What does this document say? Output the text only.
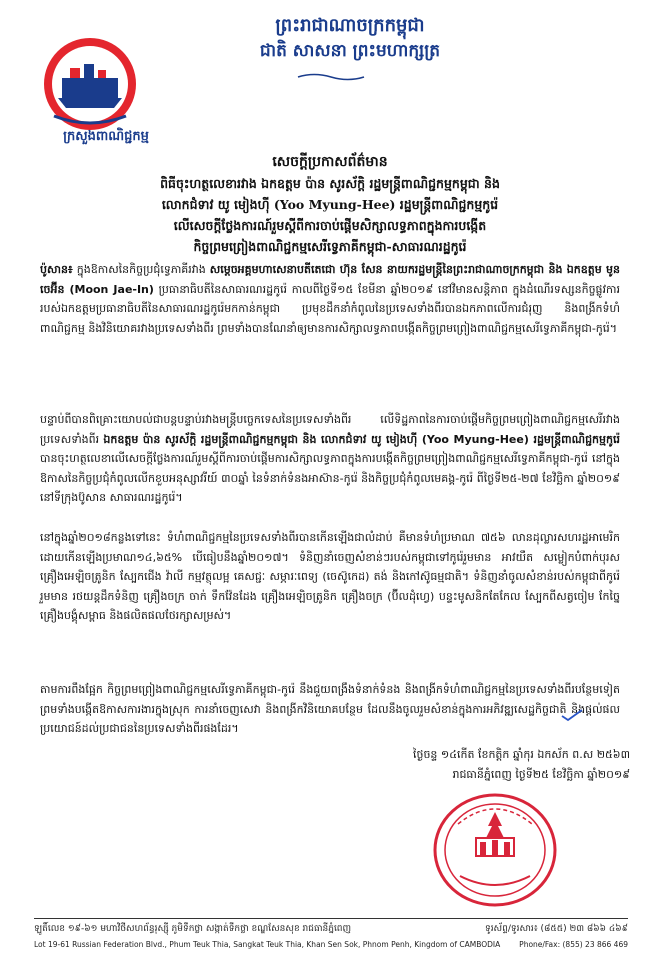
ក្រសួងពាណិជ្ជកម្ម
ព្រះរាជាណាចក្រកម្ពុជា
ជាតិ សាសនា ព្រះមហាក្សត្រ
សេចក្តីប្រកាសព័ត៌មាន
ពិធីចុះហត្ថលេខារវាង ឯកឧត្តម ប៉ាន សូរស័ក្តិ រដ្ឋមន្ត្រីពាណិជ្ជកម្មកម្ពុជា និង
លោកជំទាវ យូ មៀងហ៊ី (Yoo Myung-Hee) រដ្ឋមន្ត្រីពាណិជ្ជកម្មកូរ៉េ
លើសេចក្តីថ្លែងការណ៍រួមស្តីពីការចាប់ផ្តើមសិក្សាលទ្ធភាពក្នុងការបង្កើត
កិច្ចព្រមព្រៀងពាណិជ្ជកម្មសេរីទ្វេភាគីកម្ពុជា-សាធារណរដ្ឋកូរ៉េ
ប៉ូសាន៖ ក្នុងឱកាសនៃកិច្ចប្រជុំទ្វេភាគីរវាង សម្តេចអគ្គមហាសេនាបតីតេជោ ហ៊ុន សែន នាយករដ្ឋមន្ត្រីនៃព្រះរាជាណាចក្រកម្ពុជា និង ឯកឧត្តម មូន ចេអ៊ីន (Moon Jae-In) ប្រធានាធិបតីនៃសាធារណរដ្ឋកូរ៉េ កាលពីថ្ងៃទី១៥ ខែមីនា ឆ្នាំ២០១៩ នៅវិមានសន្តិភាព ក្នុងដំណើរទស្សនកិច្ចផ្លូវការរបស់ឯកឧត្តមប្រធានាធិបតីនៃសាធារណរដ្ឋកូរ៉េមកកាន់កម្ពុជា ប្រមុខដឹកនាំកំពូលនៃប្រទេសទាំងពីរបានឯកភាពលើការជំរុញ និងពង្រីកទំហំពាណិជ្ជកម្ម និងវិនិយោគរវាងប្រទេសទាំងពីរ ព្រមទាំងបានណែនាំឲ្យមានការសិក្សាលទ្ធភាពបង្កើតកិច្ចព្រមព្រៀងពាណិជ្ជកម្មសេរីទ្វេភាគីកម្ពុជា-កូរ៉េ។
បន្ទាប់ពីបានពិគ្រោះយោបល់ជាបន្តបន្ទាប់រវាងមន្ត្រីបច្ចេកទេសនៃប្រទេសទាំងពីរ លើទិដ្ឋភាពនៃការចាប់ផ្តើមកិច្ចព្រមព្រៀងពាណិជ្ជកម្មសេរីរវាងប្រទេសទាំងពីរ ឯកឧត្តម ប៉ាន សូរស័ក្តិ រដ្ឋមន្ត្រីពាណិជ្ជកម្មកម្ពុជា និង លោកជំទាវ យូ មៀងហ៊ី (Yoo Myung-Hee) រដ្ឋមន្ត្រីពាណិជ្ជកម្មកូរ៉េ បានចុះហត្ថលេខាលើសេចក្តីថ្លែងការណ៍រួមស្តីពីការចាប់ផ្តើមការសិក្សាលទ្ធភាពក្នុងការបង្កើតកិច្ចព្រមព្រៀងពាណិជ្ជកម្មសេរីទ្វេភាគីកម្ពុជា-កូរ៉េ នៅក្នុងឱកាសនៃកិច្ចប្រជុំកំពូលលើកខួបអនុស្សាវរីយ៍ ៣០ឆ្នាំ នៃទំនាក់ទំនងអាស៊ាន-កូរ៉េ និងកិច្ចប្រជុំកំពូលមេគង្គ-កូរ៉េ ពីថ្ងៃទី២៥-២៧ ខែវិច្ឆិកា ឆ្នាំ២០១៩ នៅទីក្រុងប៊ូសាន សាធារណរដ្ឋកូរ៉េ។
នៅក្នុងឆ្នាំ២០១៨កន្លងទៅនេះ ទំហំពាណិជ្ជកម្មនៃប្រទេសទាំងពីរបានកើនឡើងជាលំដាប់ គឺមានទំហំប្រមាណ ៧៥៦ លានដុល្លារសហរដ្ឋអាមេរិក ដោយកើនឡើងប្រមាណ១៤,៦៥% បើធៀបនឹងឆ្នាំ២០១៧។ ទំនិញនាំចេញសំខាន់ៗរបស់កម្ពុជាទៅកូរ៉េរួមមាន អាវយឺត សម្លៀកបំពាក់បុរស គ្រឿងអេឡិចត្រូនិក ស្បែកជើង វ៉ាលី កម្មវត្ថុលម្អ គេសជ្ជៈ សម្ភារៈពេទ្យ (ចេស៊ូកេដ) តង់ និងកៅស៊ូធម្មជាតិ។ ទំនិញនាំចូលសំខាន់របស់កម្ពុជាពីកូរ៉េរួមមាន រថយន្តដឹកទំនិញ គ្រឿងចក្រ ចាក់ ទឹកវ៉ែនដែង គ្រឿងអេឡិចត្រូនិក គ្រឿងចក្រ (ប៊ីលដុំហ្វេ) បន្ទះមូសនិកតែកែល ស្បែកពីសត្វចៀម កែច្នៃ គ្រឿងបង្គុំសម្ពាធ និងផលិតផលថែរក្សាសម្រស់។
តាមការពឹងផ្អែក កិច្ចព្រមព្រៀងពាណិជ្ជកម្មសេរីទ្វេភាគីកម្ពុជា-កូរ៉េ នឹងជួយពង្រឹងទំនាក់ទំនង និងពង្រីកទំហំពាណិជ្ជកម្មនៃប្រទេសទាំងពីរបន្ថែមទៀត ព្រមទាំងបង្កើតឱកាសការងារក្នុងស្រុក ការនាំចេញសេវា និងពង្រីកវិនិយោគបន្ថែម ដែលនឹងចូលរួមសំខាន់ក្នុងការអភិវឌ្ឍសេដ្ឋកិច្ចជាតិ និងផ្តល់ផលប្រយោជន៍ដល់ប្រជាជននៃប្រទេសទាំងពីរផងដែរ។
ថ្ងៃចន្ទ ១៤កើត ខែកត្តិក ឆ្នាំកុរ ឯកស័ក ព.ស ២៥៦៣
រាជធានីភ្នំពេញ ថ្ងៃទី២៥ ខែវិច្ឆិកា ឆ្នាំ២០១៩
ឡូតិ៍លេខ ១៩-៦១ មហាវិថីសហព័ន្ធរុស្ស៊ី ភូមិទឹកថ្លា សង្កាត់ទឹកថ្លា ខណ្ឌសែនសុខ រាជធានីភ្នំពេញ	ទូរស័ព្ទ/ទូរសារ៖ (៨៥៥) ២៣ ៨៦៦ ៤៦៩
Lot 19-61 Russian Federation Blvd., Phum Teuk Thia, Sangkat Teuk Thia, Khan Sen Sok, Phnom Penh, Kingdom of CAMBODIA	Phone/Fax: (855) 23 866 469
